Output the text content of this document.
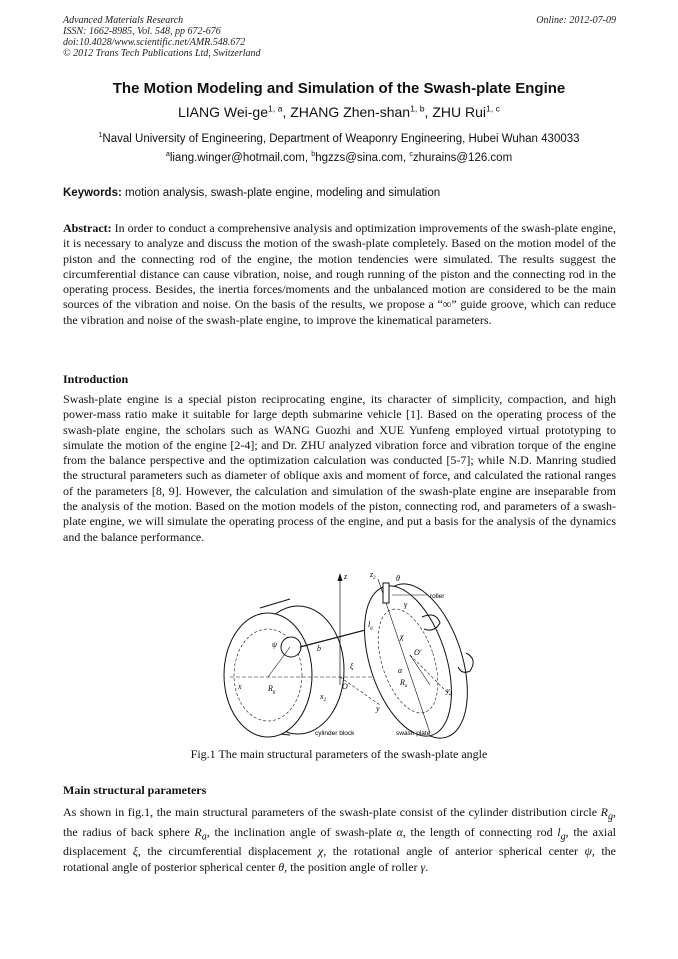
Advanced Materials Research
ISSN: 1662-8985, Vol. 548, pp 672-676
doi:10.4028/www.scientific.net/AMR.548.672
© 2012 Trans Tech Publications Ltd, Switzerland
Online: 2012-07-09
The Motion Modeling and Simulation of the Swash-plate Engine
LIANG Wei-ge$^{1, a}$, ZHANG Zhen-shan$^{1, b}$, ZHU Rui$^{1, c}$
$^1$Naval University of Engineering, Department of Weaponry Engineering, Hubei Wuhan 430033
$^a$liang.winger@hotmail.com, $^b$hgzzs@sina.com, $^c$zhurains@126.com
Keywords: motion analysis, swash-plate engine, modeling and simulation
Abstract: In order to conduct a comprehensive analysis and optimization improvements of the swash-plate engine, it is necessary to analyze and discuss the motion of the swash-plate completely. Based on the motion model of the piston and the connecting rod of the engine, the motion tendencies were simulated. The results suggest the circumferential distance can cause vibration, noise, and rough running of the piston and the connecting rod in the operating process. Besides, the inertia forces/moments and the unbalanced motion are considered to be the main sources of the vibration and noise. On the basis of the results, we propose a “∞” guide groove, which can reduce the vibration and noise of the swash-plate engine, to improve the kinematical parameters.
Introduction
Swash-plate engine is a special piston reciprocating engine, its character of simplicity, compaction, and high power-mass ratio make it suitable for large depth submarine vehicle [1]. Based on the operating process of the swash-plate engine, the scholars such as WANG Guozhi and XUE Yunfeng employed virtual prototyping to simulate the motion of the engine [2-4]; and Dr. ZHU analyzed vibration force and vibration torque of the engine from the balance perspective and the optimization calculation was conducted [5-7]; while N.D. Manring studied the structural parameters such as diameter of oblique axis and moment of force, and calculated the rational ranges of the parameters [8, 9]. However, the calculation and simulation of the swash-plate engine are inseparable from the analysis of the motion. Based on the motion models of the piston, connecting rod, and parameters of a swash-plate engine, we will simulate the operating process of the engine, and put a basis for the analysis of the dynamics and the balance performance.
roller
cylinder block	swash plate
z	$z_2$	θ
ψ
ξ
χ
$l_g$
b
O
O′
α
$R_g$
$R_a$
x
$x_2$
y
$y_2$
γ
Fig.1 The main structural parameters of the swash-plate angle
Main structural parameters
As shown in fig.1, the main structural parameters of the swash-plate consist of the cylinder distribution circle $R_g$, the radius of back sphere $R_a$, the inclination angle of swash-plate α, the length of connecting rod $l_g$, the axial displacement ξ, the circumferential displacement χ, the rotational angle of anterior spherical center ψ, the rotational angle of posterior spherical center θ, the position angle of roller γ.
